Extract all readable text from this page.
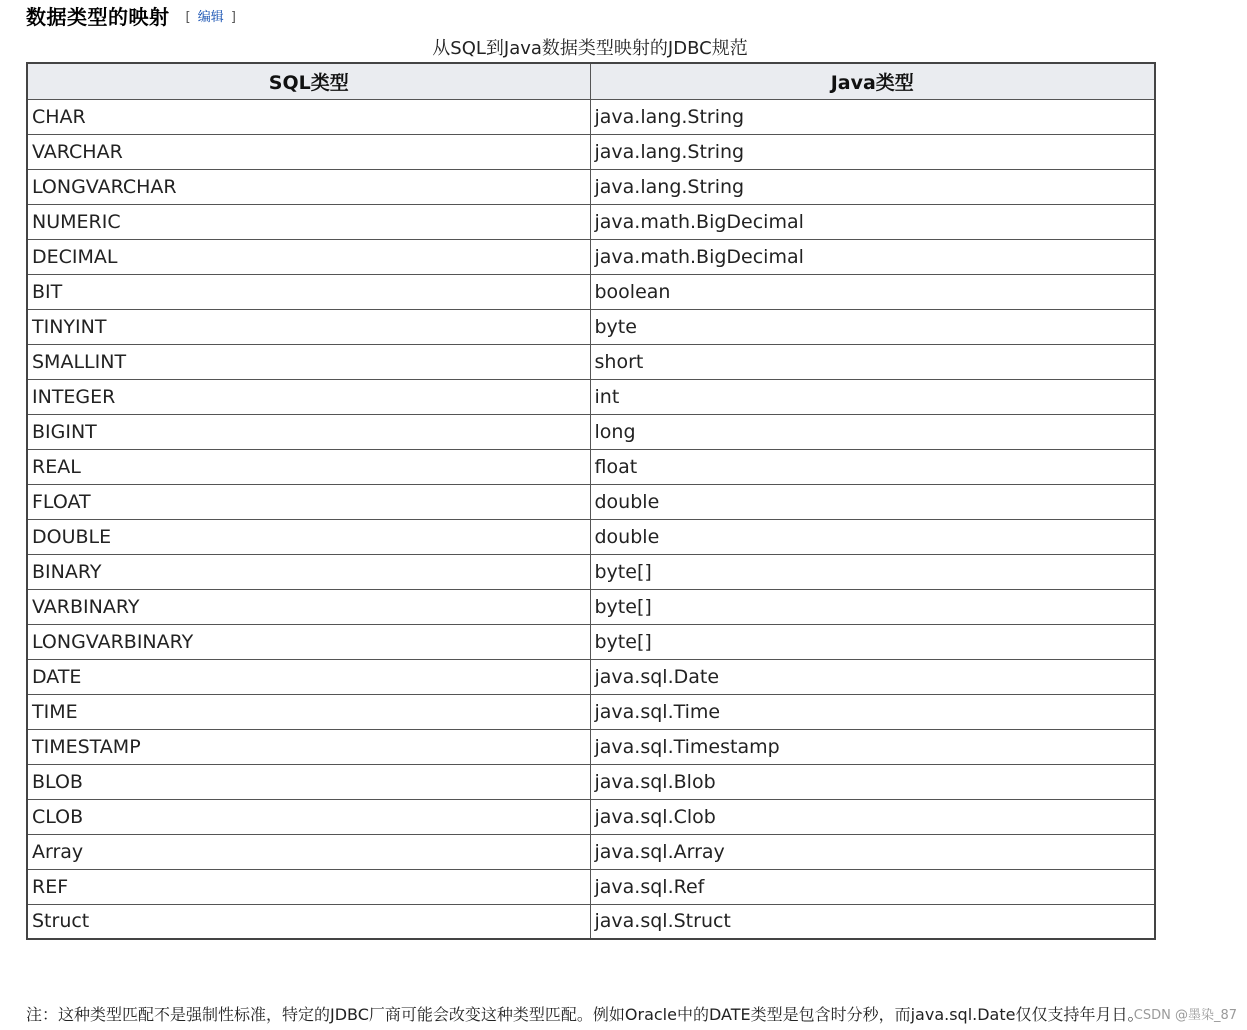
数据类型的映射 [ 编辑 ]
从SQL到Java数据类型映射的JDBC规范
SQL类型	Java类型
CHAR	java.lang.String
VARCHAR	java.lang.String
LONGVARCHAR	java.lang.String
NUMERIC	java.math.BigDecimal
DECIMAL	java.math.BigDecimal
BIT	boolean
TINYINT	byte
SMALLINT	short
INTEGER	int
BIGINT	long
REAL	float
FLOAT	double
DOUBLE	double
BINARY	byte[]
VARBINARY	byte[]
LONGVARBINARY	byte[]
DATE	java.sql.Date
TIME	java.sql.Time
TIMESTAMP	java.sql.Timestamp
BLOB	java.sql.Blob
CLOB	java.sql.Clob
Array	java.sql.Array
REF	java.sql.Ref
Struct	java.sql.Struct
注：这种类型匹配不是强制性标准，特定的JDBC厂商可能会改变这种类型匹配。例如Oracle中的DATE类型是包含时分秒，而java.sql.Date仅仅支持年月日。
CSDN @墨染_87
